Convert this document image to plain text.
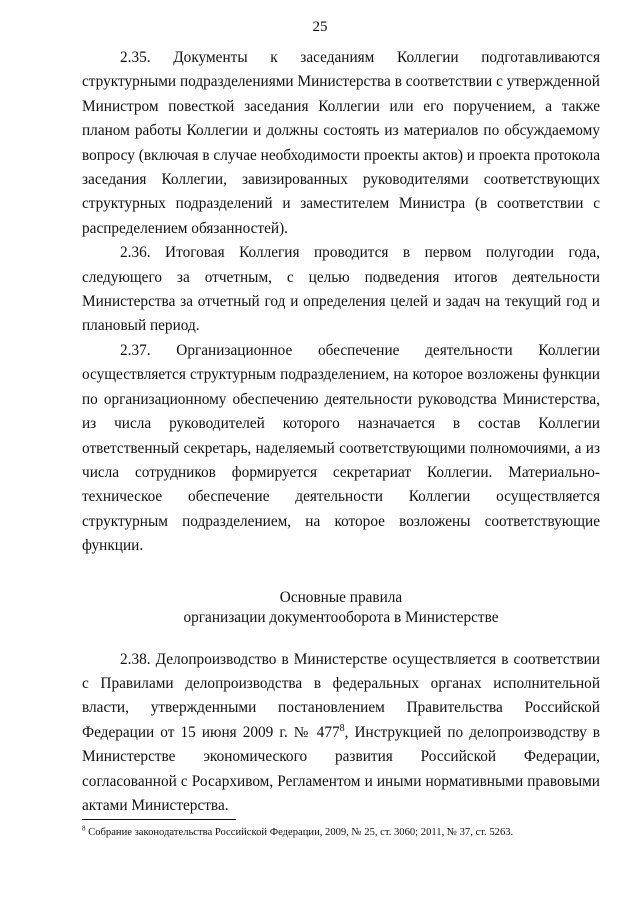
25

2.35. Документы к заседаниям Коллегии подготавливаются структурными подразделениями Министерства в соответствии с утвержденной Министром повесткой заседания Коллегии или его поручением, а также планом работы Коллегии и должны состоять из материалов по обсуждаемому вопросу (включая в случае необходимости проекты актов) и проекта протокола заседания Коллегии, завизированных руководителями соответствующих структурных подразделений и заместителем Министра (в соответствии с распределением обязанностей).

2.36. Итоговая Коллегия проводится в первом полугодии года, следующего за отчетным, с целью подведения итогов деятельности Министерства за отчетный год и определения целей и задач на текущий год и плановый период.

2.37. Организационное обеспечение деятельности Коллегии осуществляется структурным подразделением, на которое возложены функции по организационному обеспечению деятельности руководства Министерства, из числа руководителей которого назначается в состав Коллегии ответственный секретарь, наделяемый соответствующими полномочиями, а из числа сотрудников формируется секретариат Коллегии. Материально-техническое обеспечение деятельности Коллегии осуществляется структурным подразделением, на которое возложены соответствующие функции.

Основные правила
организации документооборота в Министерстве

2.38. Делопроизводство в Министерстве осуществляется в соответствии с Правилами делопроизводства в федеральных органах исполнительной власти, утвержденными постановлением Правительства Российской Федерации от 15 июня 2009 г. № 477$^8$, Инструкцией по делопроизводству в Министерстве экономического развития Российской Федерации, согласованной с Росархивом, Регламентом и иными нормативными правовыми актами Министерства.

$^8$ Собрание законодательства Российской Федерации, 2009, № 25, ст. 3060; 2011, № 37, ст. 5263.
